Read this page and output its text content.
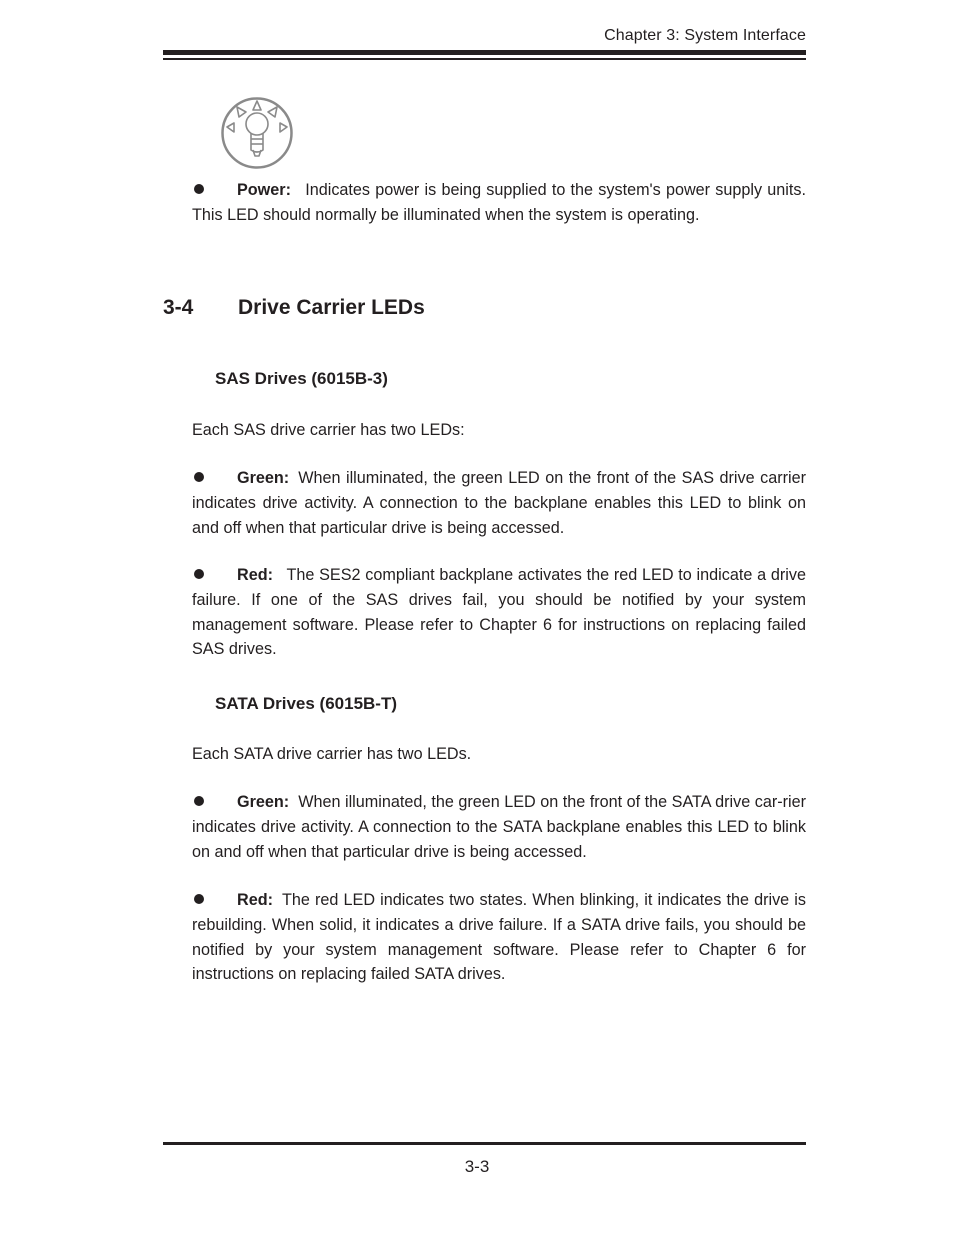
Chapter 3: System Interface

Power: Indicates power is being supplied to the system's power supply units. This LED should normally be illuminated when the system is operating.

3-4 Drive Carrier LEDs
SAS Drives (6015B-3)

Each SAS drive carrier has two LEDs:

Green: When illuminated, the green LED on the front of the SAS drive carrier indicates drive activity. A connection to the backplane enables this LED to blink on and off when that particular drive is being accessed.

Red: The SES2 compliant backplane activates the red LED to indicate a drive failure. If one of the SAS drives fail, you should be notified by your system management software. Please refer to Chapter 6 for instructions on replacing failed SAS drives.

SATA Drives (6015B-T)

Each SATA drive carrier has two LEDs.

Green: When illuminated, the green LED on the front of the SATA drive car-rier indicates drive activity. A connection to the SATA backplane enables this LED to blink on and off when that particular drive is being accessed.

Red: The red LED indicates two states. When blinking, it indicates the drive is rebuilding. When solid, it indicates a drive failure. If a SATA drive fails, you should be notified by your system management software. Please refer to Chapter 6 for instructions on replacing failed SATA drives.

3-3
